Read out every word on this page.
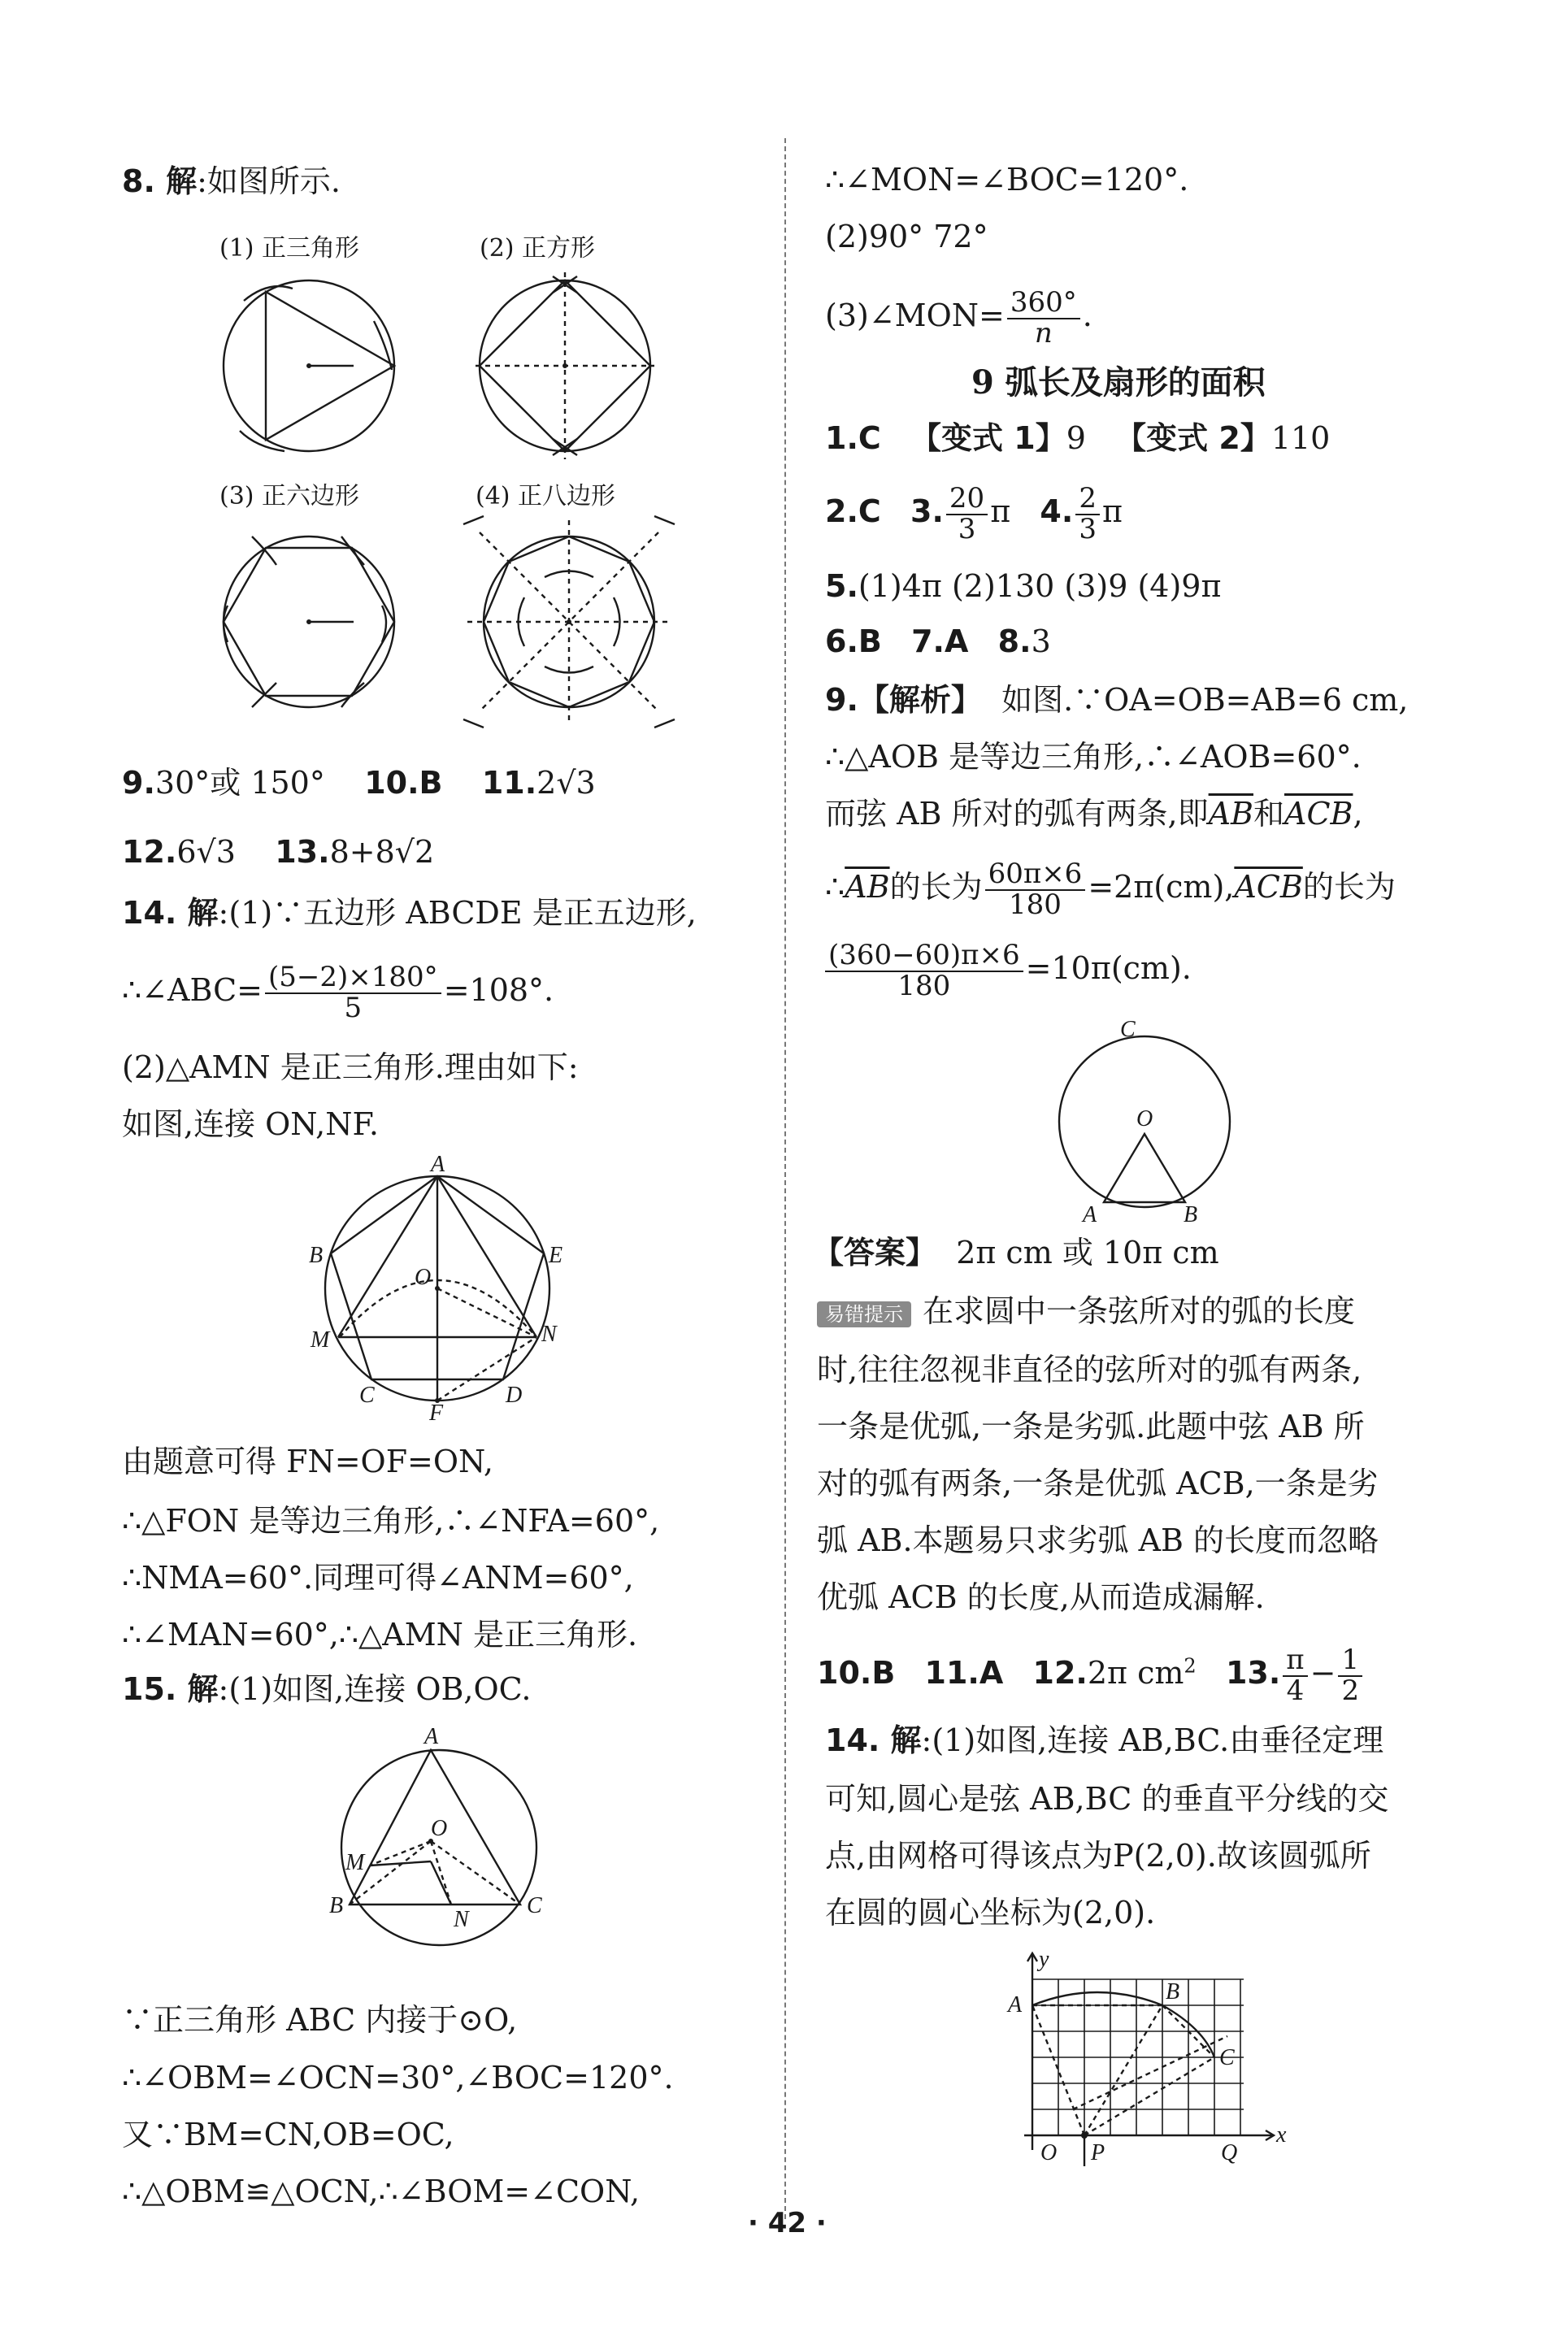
8. 解:如图所示.
(1) 正三角形	(2) 正方形
(3) 正六边形	(4) 正八边形
9.30°或 150° 10.B 11.2√3
12.6√3 13.8+8√2
14. 解:(1)∵五边形 ABCDE 是正五边形,
∴∠ABC= $\frac{(5-2)\times 180^\circ}{5} =108^\circ$.
(2)△AMN 是正三角形.理由如下:
如图,连接 ON,NF.
A
B
C	D
E
F
M	N
O
由题意可得 FN=OF=ON,
∴△FON 是等边三角形,∴∠NFA=60°,
∴NMA=60°.同理可得∠ANM=60°,
∴∠MAN=60°,∴△AMN 是正三角形.
15. 解:(1)如图,连接 OB,OC.
A
B	C
M
N
O
∵正三角形 ABC 内接于⊙O,
∴∠OBM=∠OCN=30°,∠BOC=120°.
又∵BM=CN,OB=OC,
∴△OBM≌△OCN,∴∠BOM=∠CON,
∴∠MON=∠BOC=120°.
(2)90° 72°
(3)∠MON= $\frac{360^\circ}{n}$ .
9 弧长及扇形的面积
1.C 【变式 1】9 【变式 2】110
2.C 3. $\frac{20}{3}$ π 4. $\frac{2}{3}$ π
5.(1)4π (2)130 (3)9 (4)9π
6.B 7.A 8.3
9.【解析】 如图.∵OA=OB=AB=6 cm,
∴△AOB 是等边三角形,∴∠AOB=60°.
而弦 AB 所对的弧有两条,即$\overline{AB}$和$\overline{ACB}$,
$\therefore\overline{AB}$的长为 $\frac{60\pi\times 6}{180} =2\pi(cm),\overline{ACB}$的长为
$\frac{(360-60)\pi\times 6}{180} =10\pi(cm)$.
C
O
A	B
【答案】 2π cm 或 10π cm
易错提示 在求圆中一条弦所对的弧的长度
时,往往忽视非直径的弦所对的弧有两条,
一条是优弧,一条是劣弧.此题中弦 AB 所
对的弧有两条,一条是优弧 ACB,一条是劣
弧 AB.本题易只求劣弧 AB 的长度而忽略
优弧 ACB 的长度,从而造成漏解.
10.B 11.A 12.2π $cm^2$ 13. $\frac{\pi}{4} - \frac{1}{2}$
14. 解:(1)如图,连接 AB,BC.由垂径定理
可知,圆心是弦 AB,BC 的垂直平分线的交
点,由网格可得该点为P(2,0).故该圆弧所
在圆的圆心坐标为(2,0).
y
x
A
B
C
O P	Q
· 42 ·
